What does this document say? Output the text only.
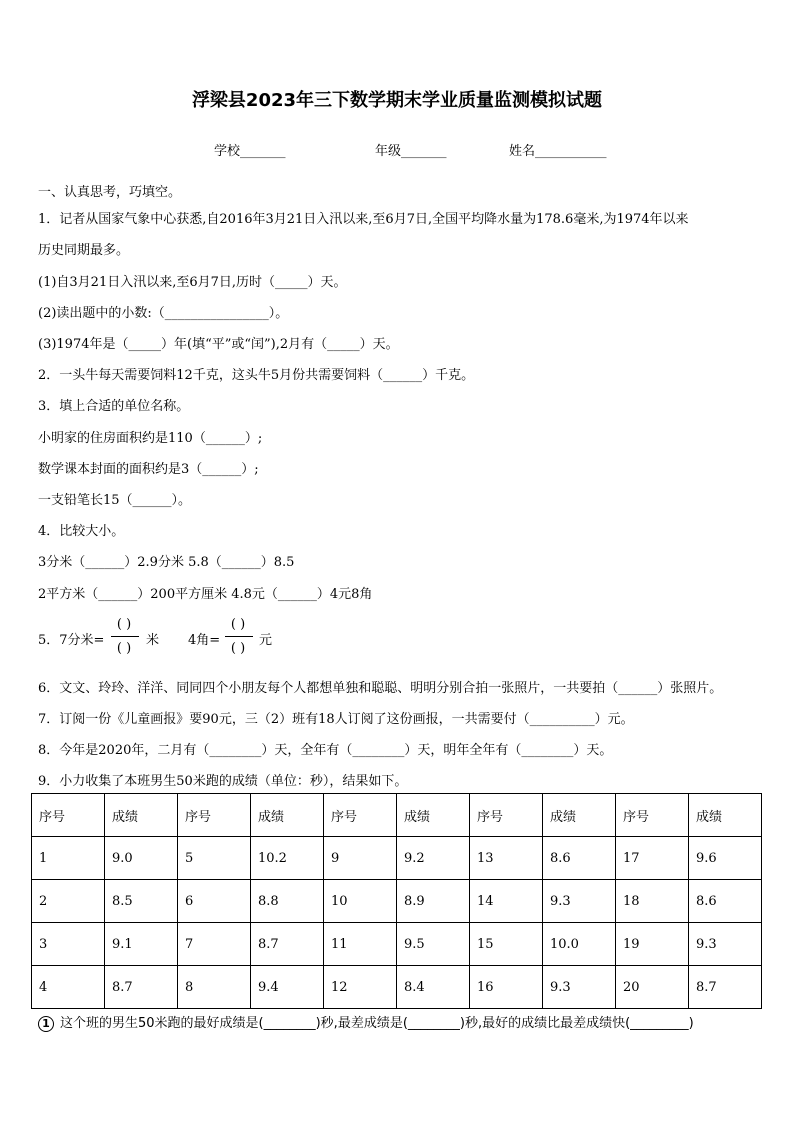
浮梁县2023年三下数学期末学业质量监测模拟试题
学校_______	年级_______	姓名___________
一、认真思考，巧填空。
1．记者从国家气象中心获悉,自2016年3月21日入汛以来,至6月7日,全国平均降水量为178.6毫米,为1974年以来
历史同期最多。
(1)自3月21日入汛以来,至6月7日,历时（_____）天。
(2)读出题中的小数:（________________）。
(3)1974年是（_____）年(填“平”或“闰”),2月有（_____）天。
2．一头牛每天需要饲料12千克，这头牛5月份共需要饲料（______）千克。
3．填上合适的单位名称。
小明家的住房面积约是110（______）;
数学课本封面的面积约是3（______）;
一支铅笔长15（______）。
4．比较大小。
3分米（______）2.9分米 5.8（______）8.5
2平方米（______）200平方厘米 4.8元（______）4元8角
5．7分米=
( )
( )
米 4角=
( )
( )
元
6．文文、玲玲、洋洋、同同四个小朋友每个人都想单独和聪聪、明明分别合拍一张照片，一共要拍（______）张照片。
7．订阅一份《儿童画报》要90元，三（2）班有18人订阅了这份画报，一共需要付（__________）元。
8．今年是2020年，二月有（________）天，全年有（________）天，明年全年有（________）天。
9．小力收集了本班男生50米跑的成绩（单位：秒），结果如下。
序号	成绩	序号	成绩	序号	成绩	序号	成绩	序号	成绩
1	9.0	5	10.2	9	9.2	13	8.6	17	9.6
2	8.5	6	8.8	10	8.9	14	9.3	18	8.6
3	9.1	7	8.7	11	9.5	15	10.0	19	9.3
4	8.7	8	9.4	12	8.4	16	9.3	20	8.7
1 这个班的男生50米跑的最好成绩是(________)秒,最差成绩是(________)秒,最好的成绩比最差成绩快(_________)
